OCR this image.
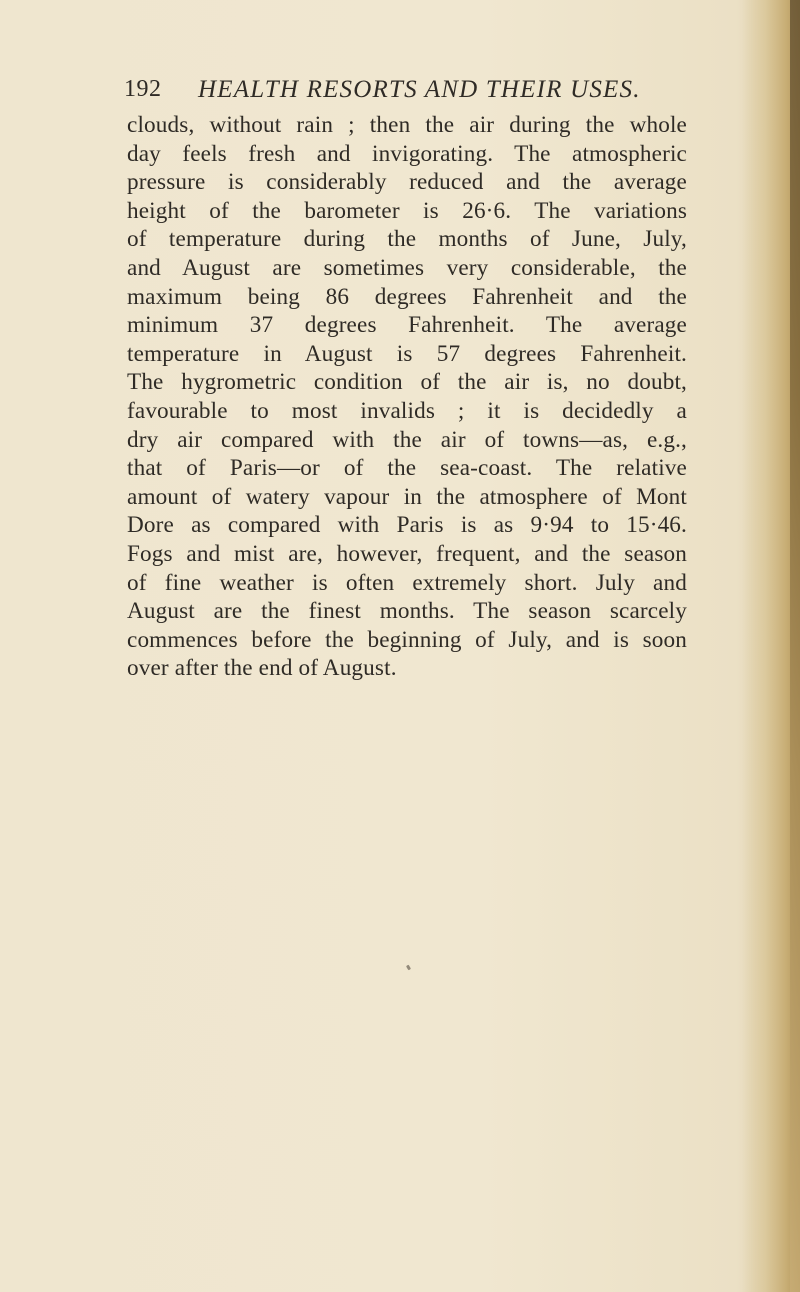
192 HEALTH RESORTS AND THEIR USES.
clouds, without rain ; then the air during the whole
day feels fresh and invigorating. The atmospheric
pressure is considerably reduced and the average
height of the barometer is 26·6. The variations
of temperature during the months of June, July,
and August are sometimes very considerable, the
maximum being 86 degrees Fahrenheit and the
minimum 37 degrees Fahrenheit. The average
temperature in August is 57 degrees Fahrenheit.
The hygrometric condition of the air is, no doubt,
favourable to most invalids ; it is decidedly a
dry air compared with the air of towns—as, e.g.,
that of Paris—or of the sea-coast. The relative
amount of watery vapour in the atmosphere of Mont
Dore as compared with Paris is as 9·94 to 15·46.
Fogs and mist are, however, frequent, and the season
of fine weather is often extremely short. July and
August are the finest months. The season scarcely
commences before the beginning of July, and is soon
over after the end of August.
